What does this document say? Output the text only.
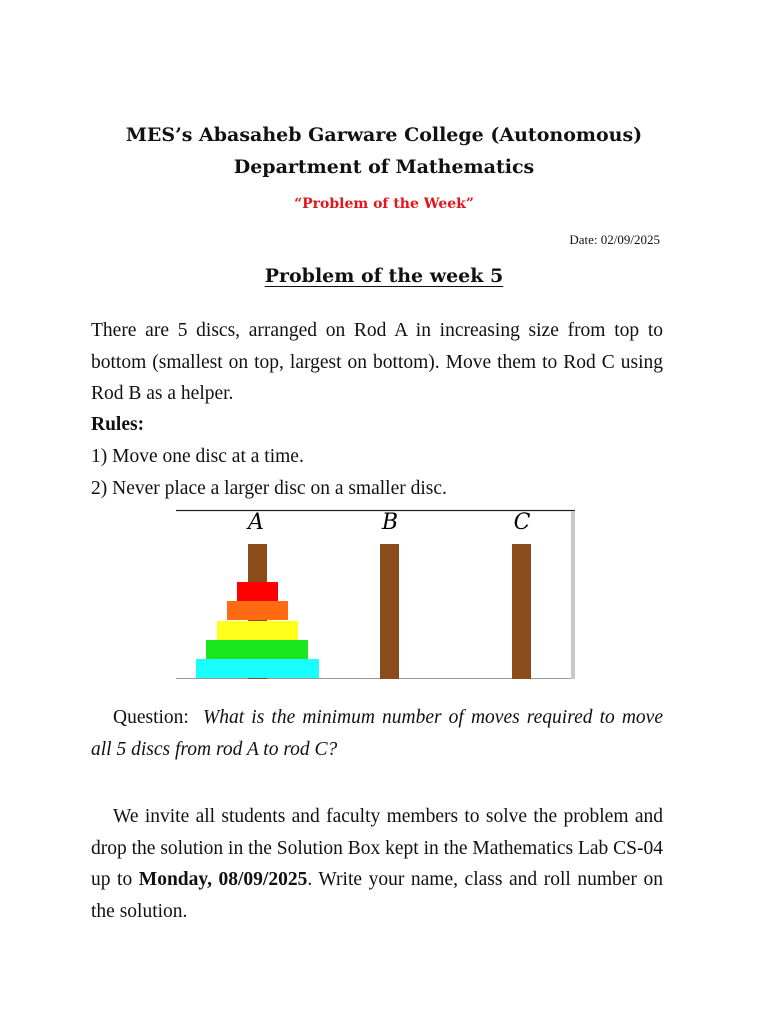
MES’s Abasaheb Garware College (Autonomous)
Department of Mathematics
“Problem of the Week”
Date: 02/09/2025
Problem of the week 5
There are 5 discs, arranged on Rod A in increasing size from top to bottom (smallest on top, largest on bottom). Move them to Rod C using Rod B as a helper.
Rules:
1) Move one disc at a time.
2) Never place a larger disc on a smaller disc.
A	B	C
Question: What is the minimum number of moves required to move all 5 discs from rod A to rod C?
We invite all students and faculty members to solve the problem and drop the solution in the Solution Box kept in the Mathematics Lab CS-04 up to Monday, 08/09/2025. Write your name, class and roll number on the solution.
